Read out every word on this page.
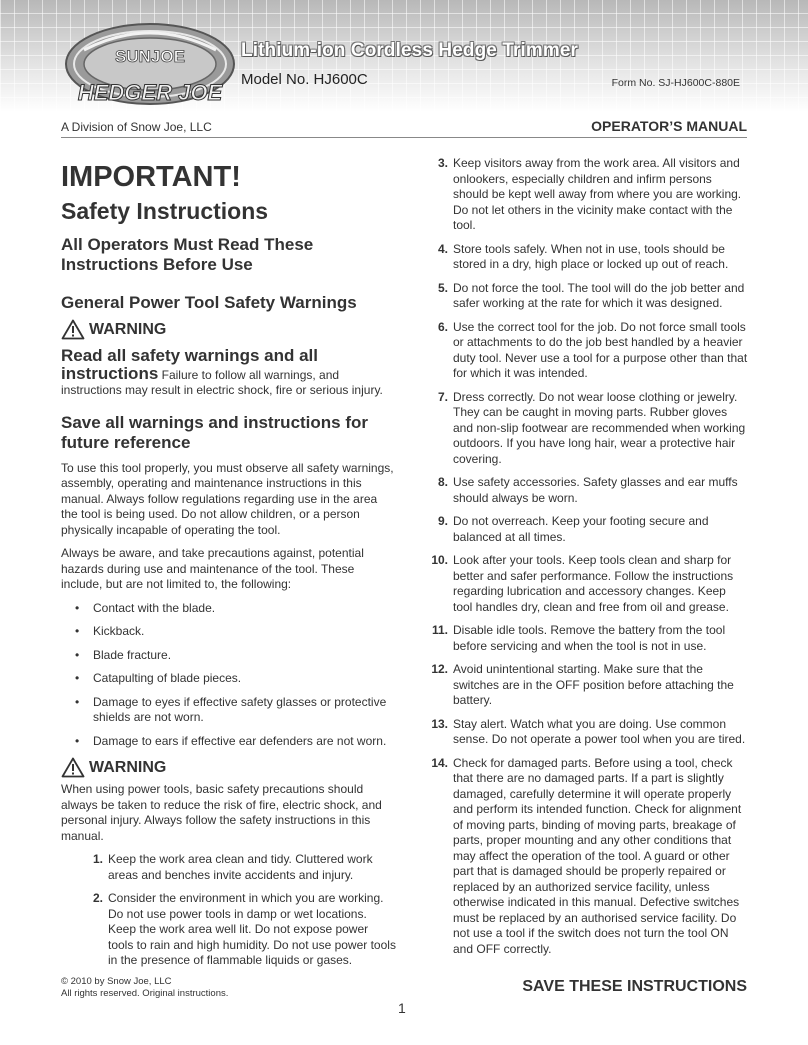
SUNJOE
HEDGER JOE
Lithium-ion Cordless Hedge Trimmer
Model No. HJ600C	Form No. SJ-HJ600C-880E
A Division of Snow Joe, LLC	OPERATOR’S MANUAL
IMPORTANT!
Safety Instructions
All Operators Must Read These Instructions Before Use
General Power Tool Safety Warnings
WARNING

Read all safety warnings and all instructions Failure to follow all warnings, and instructions may result in electric shock, fire or serious injury.

Save all warnings and instructions for future reference

To use this tool properly, you must observe all safety warnings, assembly, operating and maintenance instructions in this manual. Always follow regulations regarding use in the area the tool is being used. Do not allow children, or a person physically incapable of operating the tool.

Always be aware, and take precautions against, potential hazards during use and maintenance of the tool. These include, but are not limited to, the following:

• Contact with the blade.
• Kickback.
• Blade fracture.
• Catapulting of blade pieces.
• Damage to eyes if effective safety glasses or protective shields are not worn.
• Damage to ears if effective ear defenders are not worn.
WARNING

When using power tools, basic safety precautions should always be taken to reduce the risk of fire, electric shock, and personal injury. Always follow the safety instructions in this manual.

1. Keep the work area clean and tidy. Cluttered work areas and benches invite accidents and injury.
2. Consider the environment in which you are working. Do not use power tools in damp or wet locations. Keep the work area well lit. Do not expose power tools to rain and high humidity. Do not use power tools in the presence of flammable liquids or gases.
3. Keep visitors away from the work area. All visitors and onlookers, especially children and infirm persons should be kept well away from where you are working. Do not let others in the vicinity make contact with the tool.
4. Store tools safely. When not in use, tools should be stored in a dry, high place or locked up out of reach.
5. Do not force the tool. The tool will do the job better and safer working at the rate for which it was designed.
6. Use the correct tool for the job. Do not force small tools or attachments to do the job best handled by a heavier duty tool. Never use a tool for a purpose other than that for which it was intended.
7. Dress correctly. Do not wear loose clothing or jewelry. They can be caught in moving parts. Rubber gloves and non-slip footwear are recommended when working outdoors. If you have long hair, wear a protective hair covering.
8. Use safety accessories. Safety glasses and ear muffs should always be worn.
9. Do not overreach. Keep your footing secure and balanced at all times.
10. Look after your tools. Keep tools clean and sharp for better and safer performance. Follow the instructions regarding lubrication and accessory changes. Keep tool handles dry, clean and free from oil and grease.
11. Disable idle tools. Remove the battery from the tool before servicing and when the tool is not in use.
12. Avoid unintentional starting. Make sure that the switches are in the OFF position before attaching the battery.
13. Stay alert. Watch what you are doing. Use common sense. Do not operate a power tool when you are tired.
14. Check for damaged parts. Before using a tool, check that there are no damaged parts. If a part is slightly damaged, carefully determine it will operate properly and perform its intended function. Check for alignment of moving parts, binding of moving parts, breakage of parts, proper mounting and any other conditions that may affect the operation of the tool. A guard or other part that is damaged should be properly repaired or replaced by an authorized service facility, unless otherwise indicated in this manual. Defective switches must be replaced by an authorised service facility. Do not use a tool if the switch does not turn the tool ON and OFF correctly.
© 2010 by Snow Joe, LLC
All rights reserved. Original instructions.	SAVE THESE INSTRUCTIONS
1
